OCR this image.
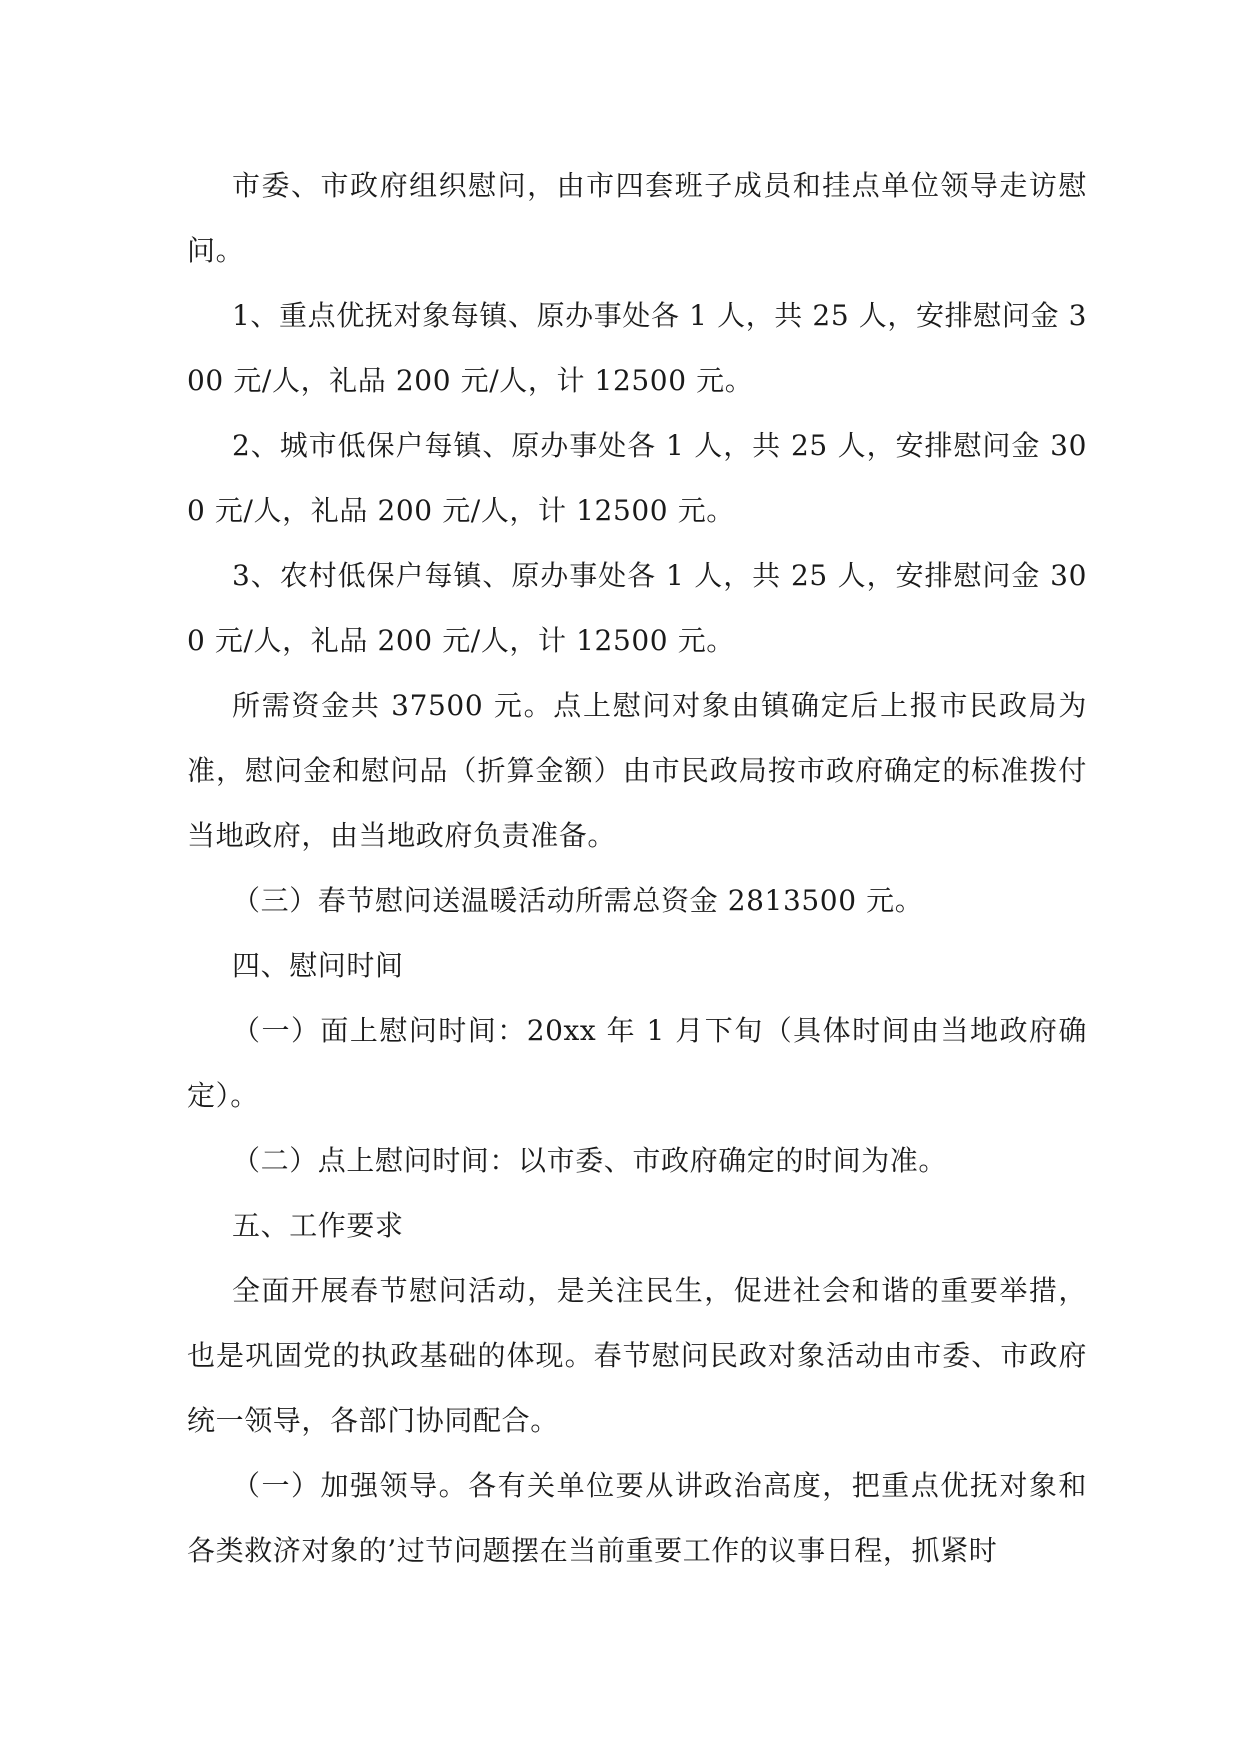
市委、市政府组织慰问，由市四套班子成员和挂点单位领导走访慰问。

1、重点优抚对象每镇、原办事处各 1 人，共 25 人，安排慰问金 300 元/人，礼品 200 元/人，计 12500 元。

2、城市低保户每镇、原办事处各 1 人，共 25 人，安排慰问金 300 元/人，礼品 200 元/人，计 12500 元。

3、农村低保户每镇、原办事处各 1 人，共 25 人，安排慰问金 300 元/人，礼品 200 元/人，计 12500 元。

所需资金共 37500 元。点上慰问对象由镇确定后上报市民政局为准，慰问金和慰问品（折算金额）由市民政局按市政府确定的标准拨付当地政府，由当地政府负责准备。

（三）春节慰问送温暖活动所需总资金 2813500 元。

四、慰问时间

（一）面上慰问时间：20xx 年 1 月下旬（具体时间由当地政府确定）。

（二）点上慰问时间：以市委、市政府确定的时间为准。

五、工作要求

全面开展春节慰问活动，是关注民生，促进社会和谐的重要举措，也是巩固党的执政基础的体现。春节慰问民政对象活动由市委、市政府统一领导，各部门协同配合。

（一）加强领导。各有关单位要从讲政治高度，把重点优抚对象和各类救济对象的’过节问题摆在当前重要工作的议事日程，抓紧时
